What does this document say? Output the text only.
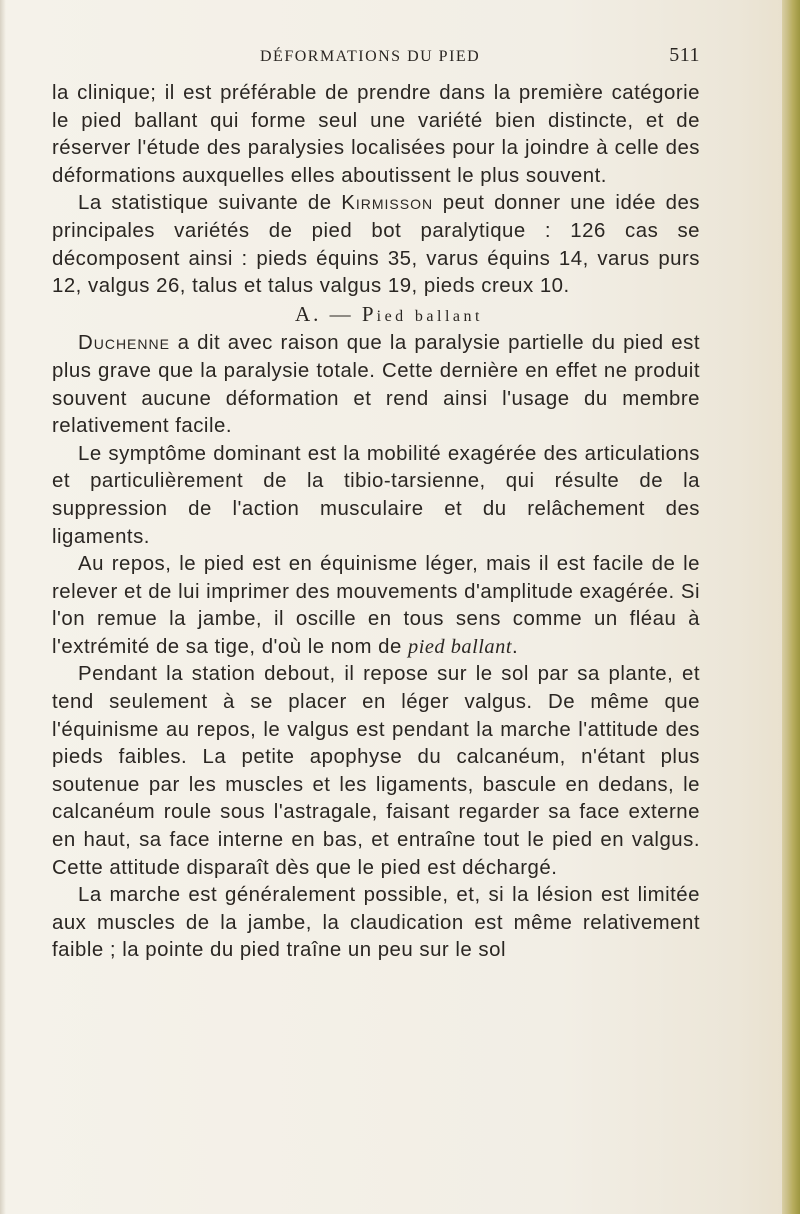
DÉFORMATIONS DU PIED	511

la clinique; il est préférable de prendre dans la première catégorie le pied ballant qui forme seul une variété bien distincte, et de réserver l'étude des paralysies localisées pour la joindre à celle des déformations auxquelles elles aboutissent le plus souvent.

La statistique suivante de Kirmisson peut donner une idée des principales variétés de pied bot paralytique : 126 cas se décomposent ainsi : pieds équins 35, varus équins 14, varus purs 12, valgus 26, talus et talus valgus 19, pieds creux 10.

A. — Pied ballant

Duchenne a dit avec raison que la paralysie partielle du pied est plus grave que la paralysie totale. Cette dernière en effet ne produit souvent aucune déformation et rend ainsi l'usage du membre relativement facile.

Le symptôme dominant est la mobilité exagérée des articulations et particulièrement de la tibio-tarsienne, qui résulte de la suppression de l'action musculaire et du relâchement des ligaments.

Au repos, le pied est en équinisme léger, mais il est facile de le relever et de lui imprimer des mouvements d'amplitude exagérée. Si l'on remue la jambe, il oscille en tous sens comme un fléau à l'extrémité de sa tige, d'où le nom de pied ballant.

Pendant la station debout, il repose sur le sol par sa plante, et tend seulement à se placer en léger valgus. De même que l'équinisme au repos, le valgus est pendant la marche l'attitude des pieds faibles. La petite apophyse du calcanéum, n'étant plus soutenue par les muscles et les ligaments, bascule en dedans, le calcanéum roule sous l'astragale, faisant regarder sa face externe en haut, sa face interne en bas, et entraîne tout le pied en valgus. Cette attitude disparaît dès que le pied est déchargé.

La marche est généralement possible, et, si la lésion est limitée aux muscles de la jambe, la claudication est même relativement faible ; la pointe du pied traîne un peu sur le sol
